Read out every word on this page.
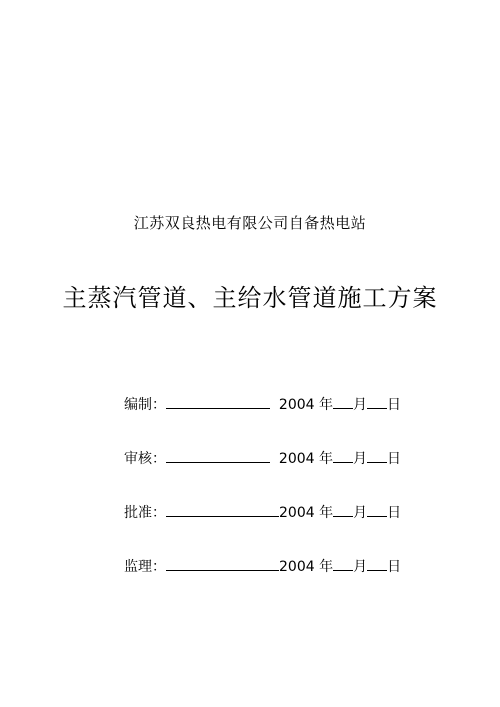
江苏双良热电有限公司自备热电站
主蒸汽管道、主给水管道施工方案
编制：	2004 年 月 日
审核：	2004 年 月 日
批准：	2004 年 月 日
监理：	2004 年 月 日
